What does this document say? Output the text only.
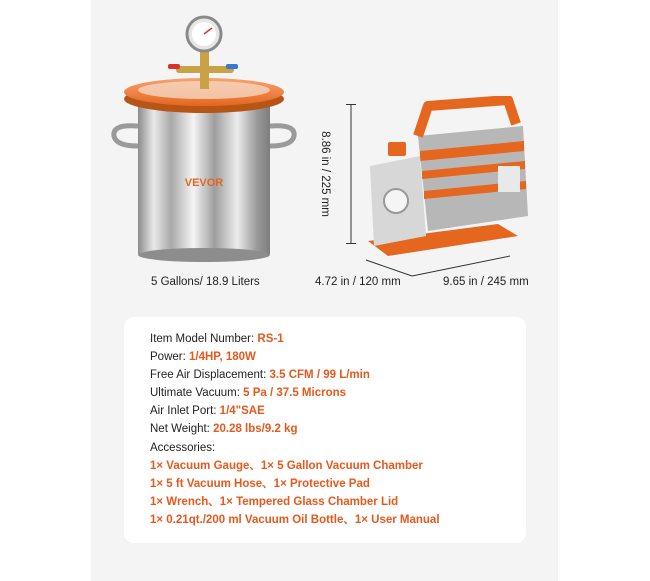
VEVOR
5 Gallons/ 18.9 Liters
8.86 in / 225 mm
4.72 in / 120 mm	9.65 in / 245 mm
Item Model Number: RS-1
Power: 1/4HP, 180W
Free Air Displacement: 3.5 CFM / 99 L/min
Ultimate Vacuum: 5 Pa / 37.5 Microns
Air Inlet Port: 1/4"SAE
Net Weight: 20.28 lbs/9.2 kg
Accessories:
1× Vacuum Gauge、1× 5 Gallon Vacuum Chamber
1× 5 ft Vacuum Hose、1× Protective Pad
1× Wrench、1× Tempered Glass Chamber Lid
1× 0.21qt./200 ml Vacuum Oil Bottle、1× User Manual
